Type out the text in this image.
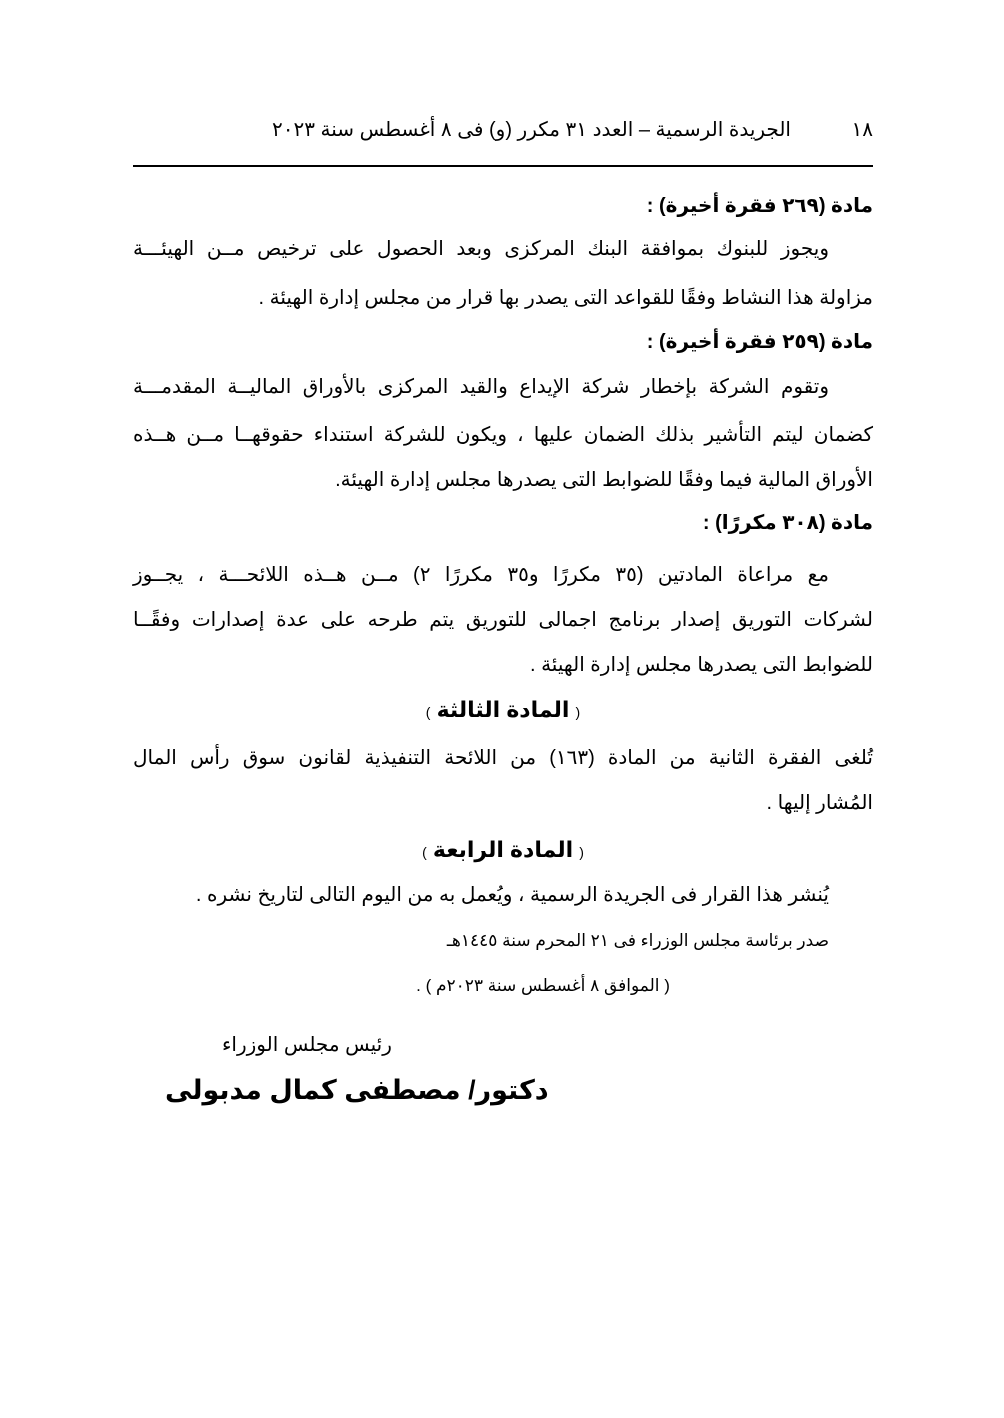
١٨
الجريدة الرسمية – العدد ٣١ مكرر (و) فى ٨ أغسطس سنة ٢٠٢٣
مادة (٢٦٩ فقرة أخيرة) :
ويجوز للبنوك بموافقة البنك المركزى وبعد الحصول على ترخيص مــن الهيئـــة
مزاولة هذا النشاط وفقًا للقواعد التى يصدر بها قرار من مجلس إدارة الهيئة .
مادة (٢٥٩ فقرة أخيرة) :
وتقوم الشركة بإخطار شركة الإيداع والقيد المركزى بالأوراق الماليــة المقدمـــة
كضمان ليتم التأشير بذلك الضمان عليها ، ويكون للشركة استنداء حقوقهــا مــن هــذه
الأوراق المالية فيما وفقًا للضوابط التى يصدرها مجلس إدارة الهيئة.
مادة (٣٠٨ مكررًا) :
مع مراعاة المادتين (٣٥ مكررًا و٣٥ مكررًا ٢) مــن هــذه اللائحـــة ، يجــوز
لشركات التوريق إصدار برنامج اجمالى للتوريق يتم طرحه على عدة إصدارات وفقًــا
للضوابط التى يصدرها مجلس إدارة الهيئة .
( المادة الثالثة )
تُلغى الفقرة الثانية من المادة (١٦٣) من اللائحة التنفيذية لقانون سوق رأس المال
المُشار إليها .
( المادة الرابعة )
يُنشر هذا القرار فى الجريدة الرسمية ، ويُعمل به من اليوم التالى لتاريخ نشره .
صدر برئاسة مجلس الوزراء فى ٢١ المحرم سنة ١٤٤٥هـ
( الموافق ٨ أغسطس سنة ٢٠٢٣م ) .
رئيس مجلس الوزراء
دكتور/ مصطفى كمال مدبولى
